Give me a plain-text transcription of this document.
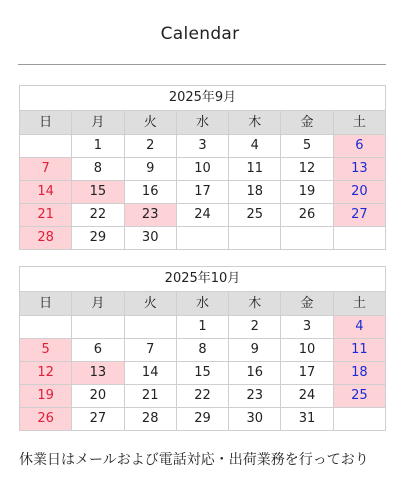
Calendar
2025年9月						
日	月	火	水	木	金	土
	1	2	3	4	5	6
7	8	9	10	11	12	13
14	15	16	17	18	19	20
21	22	23	24	25	26	27
28	29	30				
2025年10月						
日	月	火	水	木	金	土
			1	2	3	4
5	6	7	8	9	10	11
12	13	14	15	16	17	18
19	20	21	22	23	24	25
26	27	28	29	30	31	
休業日はメールおよび電話対応・出荷業務を行っており
